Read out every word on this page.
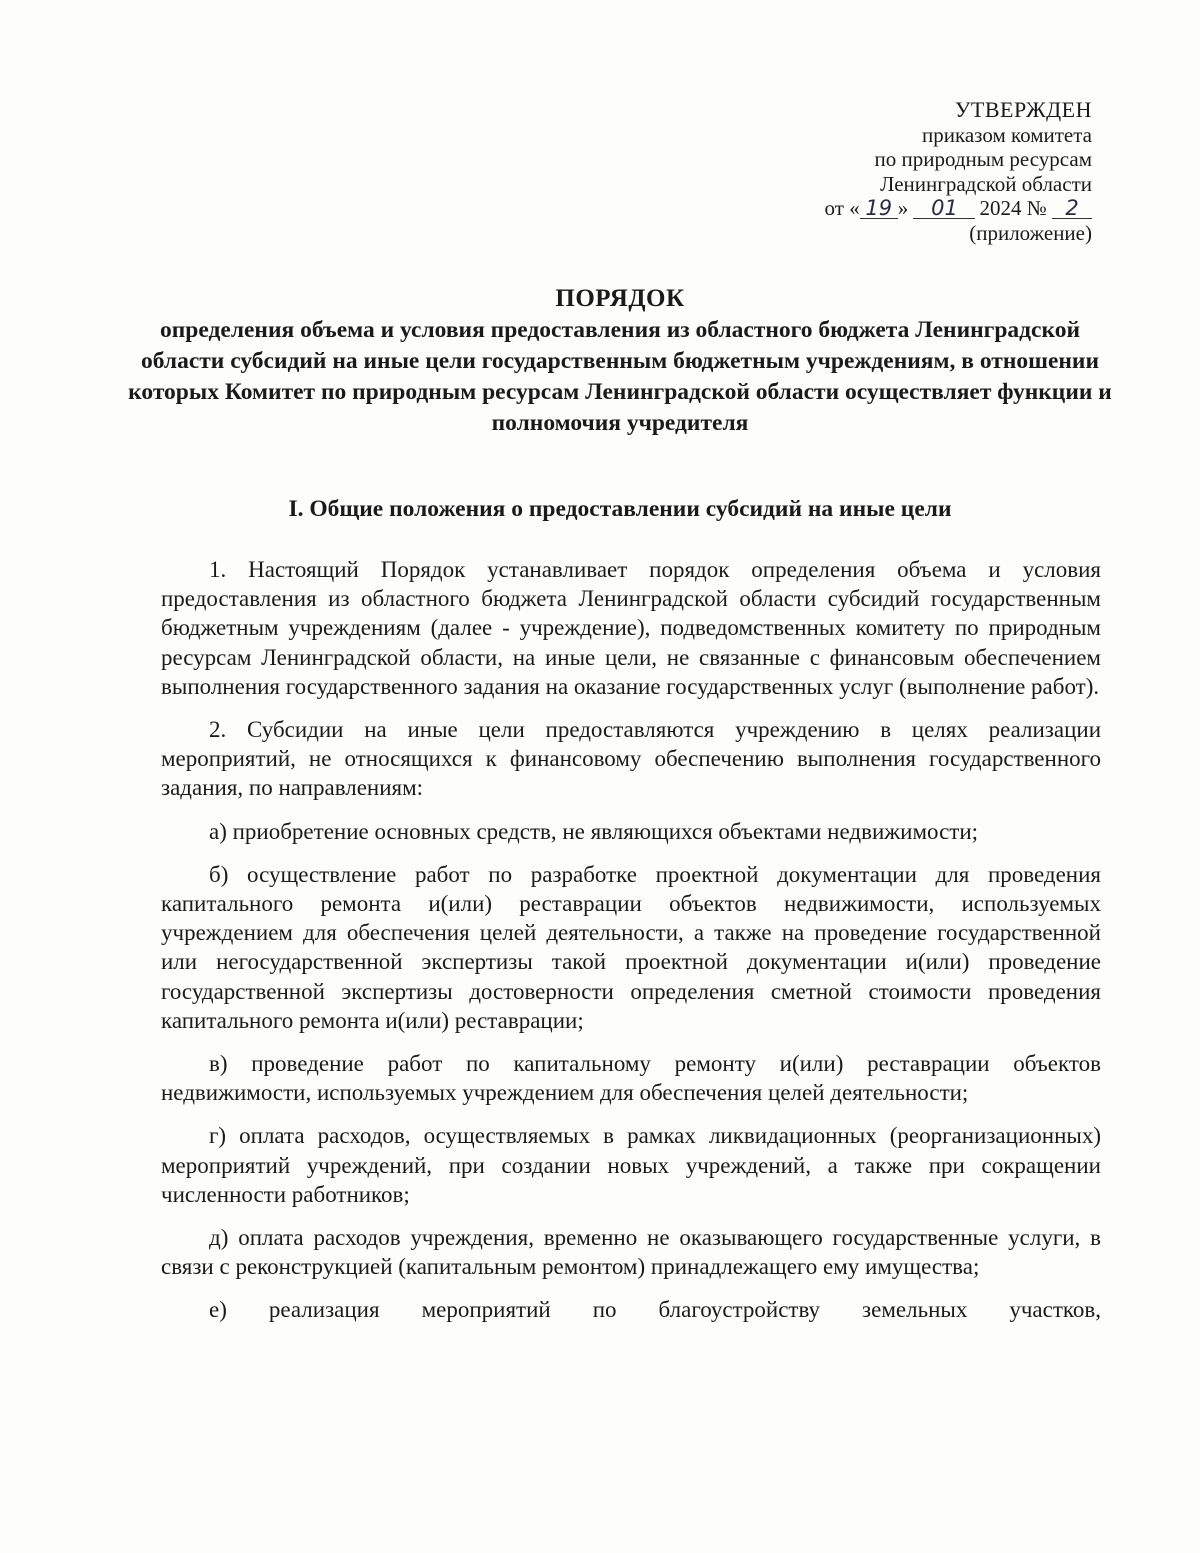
УТВЕРЖДЕН
приказом комитета
по природным ресурсам
Ленинградской области
от « 19 » 01 2024 № 2
(приложение)
ПОРЯДОК
определения объема и условия предоставления из областного бюджета Ленинградской области субсидий на иные цели государственным бюджетным учреждениям, в отношении которых Комитет по природным ресурсам Ленинградской области осуществляет функции и полномочия учредителя
I. Общие положения о предоставлении субсидий на иные цели

1. Настоящий Порядок устанавливает порядок определения объема и условия предоставления из областного бюджета Ленинградской области субсидий государственным бюджетным учреждениям (далее - учреждение), подведомственных комитету по природным ресурсам Ленинградской области, на иные цели, не связанные с финансовым обеспечением выполнения государственного задания на оказание государственных услуг (выполнение работ).

2. Субсидии на иные цели предоставляются учреждению в целях реализации мероприятий, не относящихся к финансовому обеспечению выполнения государственного задания, по направлениям:

а) приобретение основных средств, не являющихся объектами недвижимости;

б) осуществление работ по разработке проектной документации для проведения капитального ремонта и(или) реставрации объектов недвижимости, используемых учреждением для обеспечения целей деятельности, а также на проведение государственной или негосударственной экспертизы такой проектной документации и(или) проведение государственной экспертизы достоверности определения сметной стоимости проведения капитального ремонта и(или) реставрации;

в) проведение работ по капитальному ремонту и(или) реставрации объектов недвижимости, используемых учреждением для обеспечения целей деятельности;

г) оплата расходов, осуществляемых в рамках ликвидационных (реорганизационных) мероприятий учреждений, при создании новых учреждений, а также при сокращении численности работников;

д) оплата расходов учреждения, временно не оказывающего государственные услуги, в связи с реконструкцией (капитальным ремонтом) принадлежащего ему имущества;

е) реализация мероприятий по благоустройству земельных участков,
